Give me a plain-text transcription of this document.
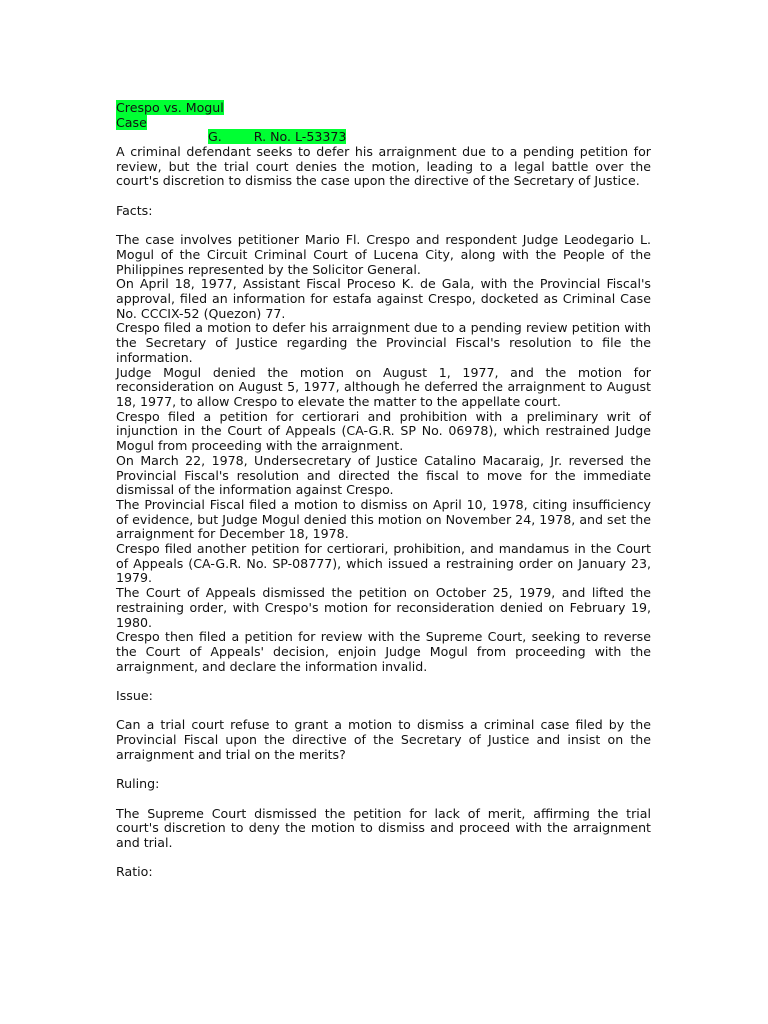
Crespo vs. Mogul
Case
G.        R. No. L-53373

A criminal defendant seeks to defer his arraignment due to a pending petition for review, but the trial court denies the motion, leading to a legal battle over the court's discretion to dismiss the case upon the directive of the Secretary of Justice.

Facts:

The case involves petitioner Mario Fl. Crespo and respondent Judge Leodegario L. Mogul of the Circuit Criminal Court of Lucena City, along with the People of the Philippines represented by the Solicitor General.

On April 18, 1977, Assistant Fiscal Proceso K. de Gala, with the Provincial Fiscal's approval, filed an information for estafa against Crespo, docketed as Criminal Case No. CCCIX-52 (Quezon) 77.

Crespo filed a motion to defer his arraignment due to a pending review petition with the Secretary of Justice regarding the Provincial Fiscal's resolution to file the information.

Judge Mogul denied the motion on August 1, 1977, and the motion for reconsideration on August 5, 1977, although he deferred the arraignment to August 18, 1977, to allow Crespo to elevate the matter to the appellate court.

Crespo filed a petition for certiorari and prohibition with a preliminary writ of injunction in the Court of Appeals (CA-G.R. SP No. 06978), which restrained Judge Mogul from proceeding with the arraignment.

On March 22, 1978, Undersecretary of Justice Catalino Macaraig, Jr. reversed the Provincial Fiscal's resolution and directed the fiscal to move for the immediate dismissal of the information against Crespo.

The Provincial Fiscal filed a motion to dismiss on April 10, 1978, citing insufficiency of evidence, but Judge Mogul denied this motion on November 24, 1978, and set the arraignment for December 18, 1978.

Crespo filed another petition for certiorari, prohibition, and mandamus in the Court of Appeals (CA-G.R. No. SP-08777), which issued a restraining order on January 23, 1979.

The Court of Appeals dismissed the petition on October 25, 1979, and lifted the restraining order, with Crespo's motion for reconsideration denied on February 19, 1980.

Crespo then filed a petition for review with the Supreme Court, seeking to reverse the Court of Appeals' decision, enjoin Judge Mogul from proceeding with the arraignment, and declare the information invalid.

Issue:

Can a trial court refuse to grant a motion to dismiss a criminal case filed by the Provincial Fiscal upon the directive of the Secretary of Justice and insist on the arraignment and trial on the merits?

Ruling:

The Supreme Court dismissed the petition for lack of merit, affirming the trial court's discretion to deny the motion to dismiss and proceed with the arraignment and trial.

Ratio:
